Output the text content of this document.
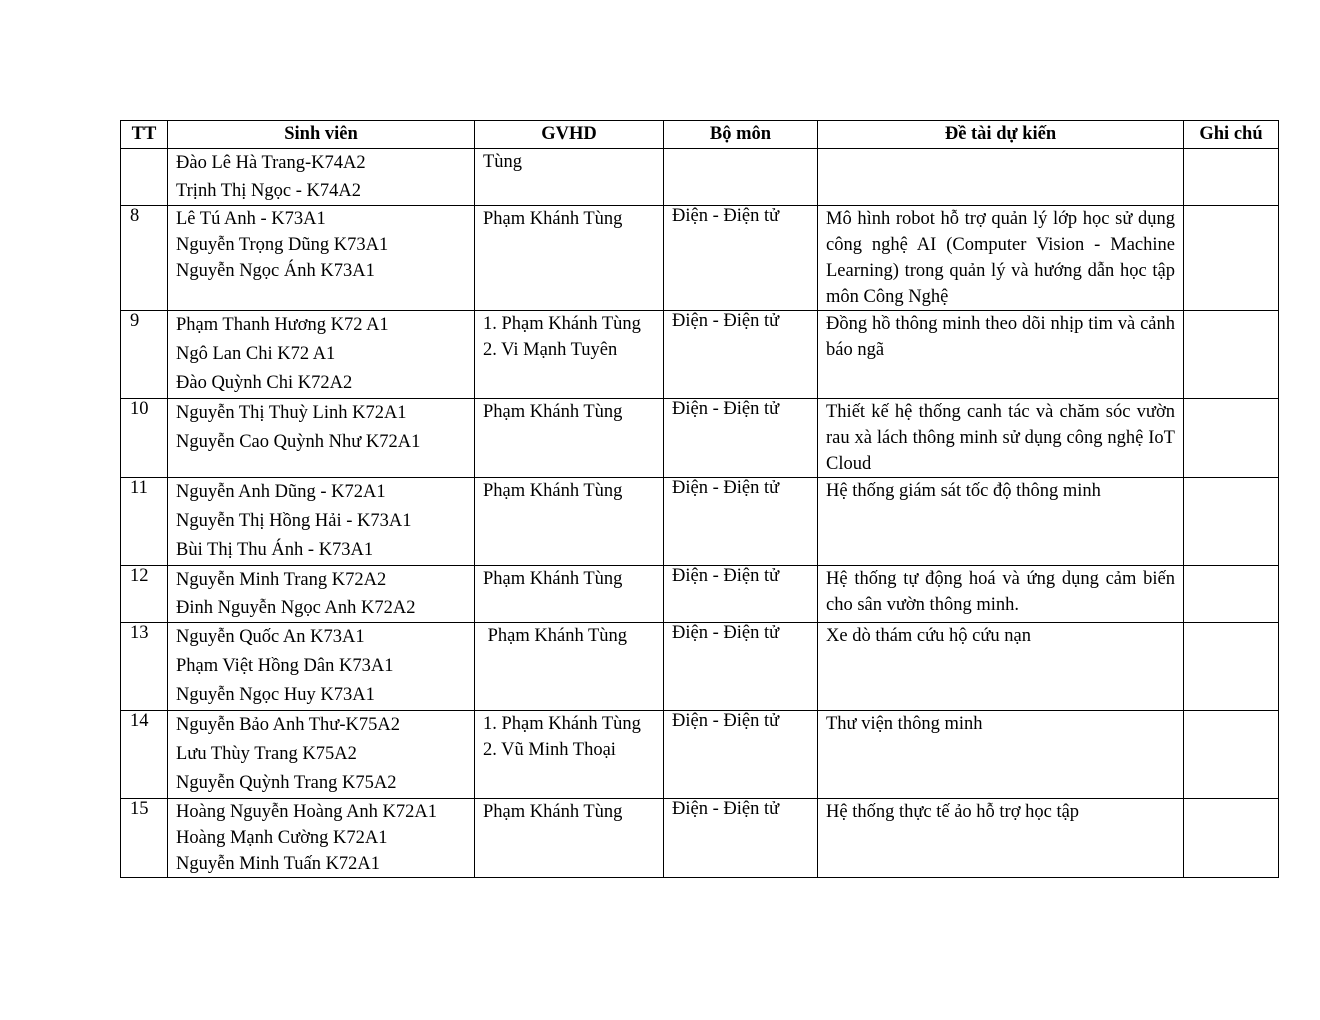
TT	Sinh viên	GVHD	Bộ môn	Đề tài dự kiến	Ghi chú

	Đào Lê Hà Trang-K74A2
Trịnh Thị Ngọc - K74A2	Tùng			

8	Lê Tú Anh - K73A1
Nguyễn Trọng Dũng K73A1
Nguyễn Ngọc Ánh K73A1	Phạm Khánh Tùng	Điện - Điện tử	Mô hình robot hỗ trợ quản lý lớp học sử dụng công nghệ AI (Computer Vision - Machine Learning) trong quản lý và hướng dẫn học tập môn Công Nghệ	
9	Phạm Thanh Hương K72 A1
Ngô Lan Chi K72 A1
Đào Quỳnh Chi K72A2	1. Phạm Khánh Tùng
2. Vi Mạnh Tuyên	Điện - Điện tử	Đồng hồ thông minh theo dõi nhịp tim và cảnh báo ngã	
10	Nguyễn Thị Thuỳ Linh K72A1
Nguyễn Cao Quỳnh Như K72A1	Phạm Khánh Tùng	Điện - Điện tử	Thiết kế hệ thống canh tác và chăm sóc vườn rau xà lách thông minh sử dụng công nghệ IoT Cloud	
11	Nguyễn Anh Dũng - K72A1
Nguyễn Thị Hồng Hải - K73A1
Bùi Thị Thu Ánh - K73A1	Phạm Khánh Tùng	Điện - Điện tử	Hệ thống giám sát tốc độ thông minh	
12	Nguyễn Minh Trang K72A2
Đinh Nguyễn Ngọc Anh K72A2	Phạm Khánh Tùng	Điện - Điện tử	Hệ thống tự động hoá và ứng dụng cảm biến cho sân vườn thông minh.	
13	Nguyễn Quốc An K73A1
Phạm Việt Hồng Dân K73A1
Nguyễn Ngọc Huy K73A1	Phạm Khánh Tùng	Điện - Điện tử	Xe dò thám cứu hộ cứu nạn	
14	Nguyễn Bảo Anh Thư-K75A2
Lưu Thùy Trang K75A2
Nguyễn Quỳnh Trang K75A2	1. Phạm Khánh Tùng
2. Vũ Minh Thoại	Điện - Điện tử	Thư viện thông minh	
15	Hoàng Nguyễn Hoàng Anh K72A1
Hoàng Mạnh Cường K72A1
Nguyễn Minh Tuấn K72A1	Phạm Khánh Tùng	Điện - Điện tử	Hệ thống thực tế ảo hỗ trợ học tập	
